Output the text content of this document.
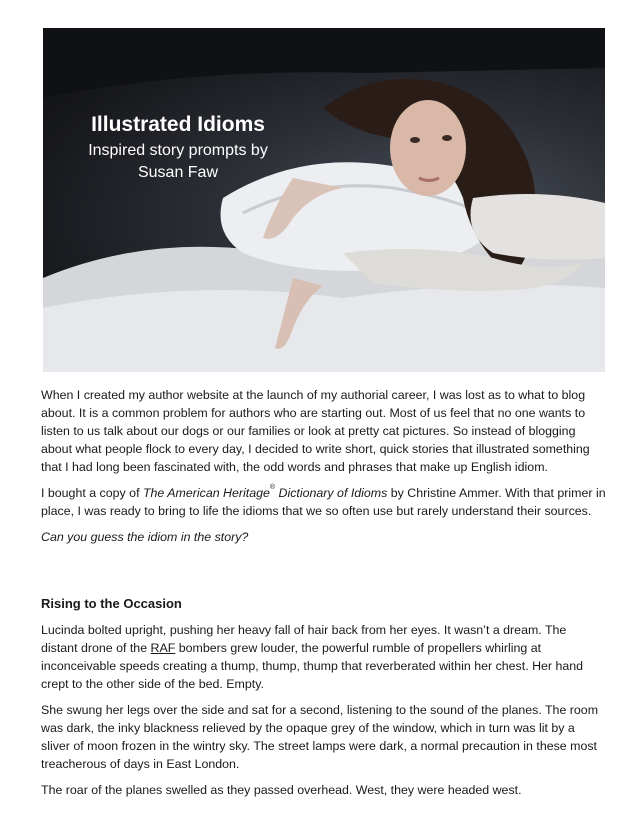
Illustrated Idioms
Inspired story prompts by
Susan Faw

When I created my author website at the launch of my authorial career, I was lost as to what to blog about. It is a common problem for authors who are starting out. Most of us feel that no one wants to listen to us talk about our dogs or our families or look at pretty cat pictures. So instead of blogging about what people flock to every day, I decided to write short, quick stories that illustrated something that I had long been fascinated with, the odd words and phrases that make up English idiom.

I bought a copy of The American Heritage® Dictionary of Idioms by Christine Ammer. With that primer in place, I was ready to bring to life the idioms that we so often use but rarely understand their sources.

Can you guess the idiom in the story?

Rising to the Occasion

Lucinda bolted upright, pushing her heavy fall of hair back from her eyes. It wasn’t a dream. The distant drone of the RAF bombers grew louder, the powerful rumble of propellers whirling at inconceivable speeds creating a thump, thump, thump that reverberated within her chest. Her hand crept to the other side of the bed. Empty.

She swung her legs over the side and sat for a second, listening to the sound of the planes. The room was dark, the inky blackness relieved by the opaque grey of the window, which in turn was lit by a sliver of moon frozen in the wintry sky. The street lamps were dark, a normal precaution in these most treacherous of days in East London.

The roar of the planes swelled as they passed overhead. West, they were headed west.
